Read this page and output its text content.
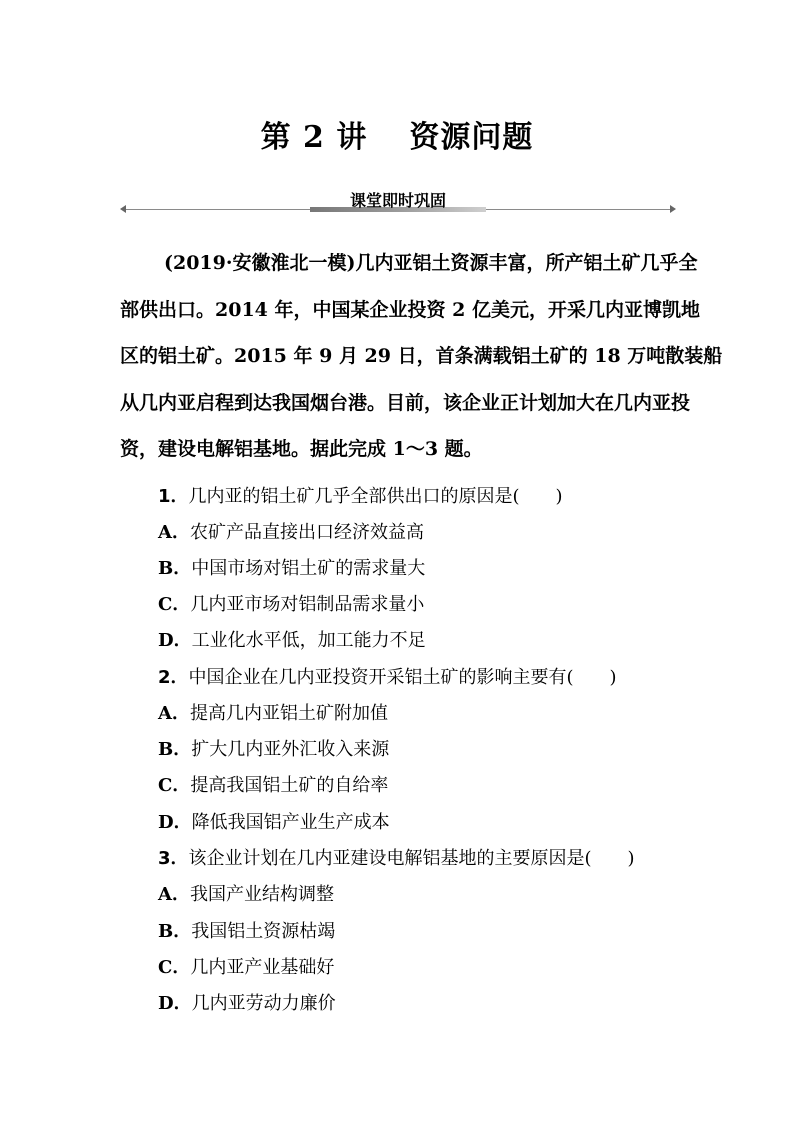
第 2 讲 资源问题
课堂即时巩固
(2019·安徽淮北一模)几内亚铝土资源丰富，所产铝土矿几乎全
部供出口。2014 年，中国某企业投资 2 亿美元，开采几内亚博凯地
区的铝土矿。2015 年 9 月 29 日，首条满载铝土矿的 18 万吨散装船
从几内亚启程到达我国烟台港。目前，该企业正计划加大在几内亚投
资，建设电解铝基地。据此完成 1～3 题。
1．几内亚的铝土矿几乎全部供出口的原因是(　　)
A．农矿产品直接出口经济效益高
B．中国市场对铝土矿的需求量大
C．几内亚市场对铝制品需求量小
D．工业化水平低，加工能力不足
2．中国企业在几内亚投资开采铝土矿的影响主要有(　　)
A．提高几内亚铝土矿附加值
B．扩大几内亚外汇收入来源
C．提高我国铝土矿的自给率
D．降低我国铝产业生产成本
3．该企业计划在几内亚建设电解铝基地的主要原因是(　　)
A．我国产业结构调整
B．我国铝土资源枯竭
C．几内亚产业基础好
D．几内亚劳动力廉价
